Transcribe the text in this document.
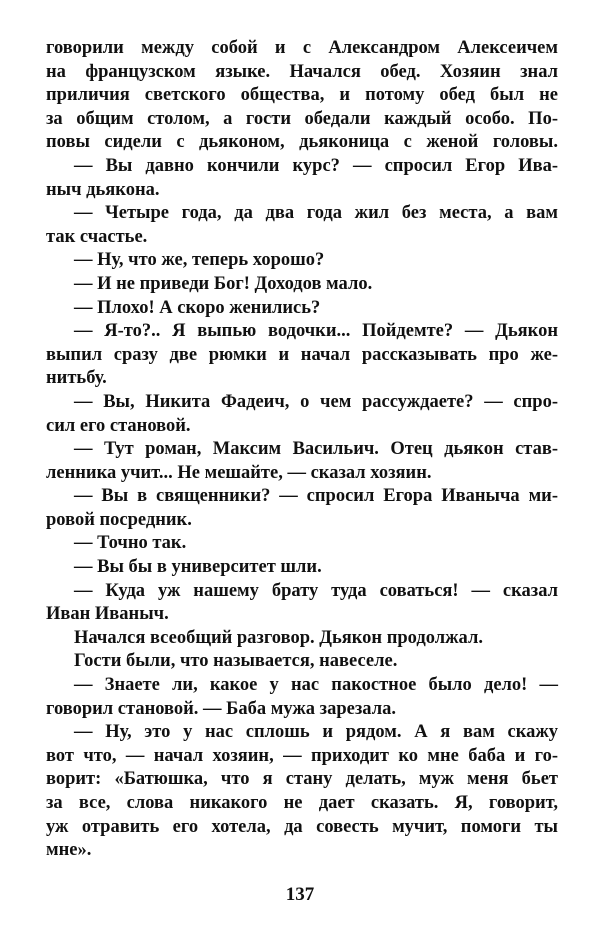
говорили между собой и с Александром Алексеичем
на французском языке. Начался обед. Хозяин знал
приличия светского общества, и потому обед был не
за общим столом, а гости обедали каждый особо. По-
повы сидели с дьяконом, дьяконица с женой головы.
— Вы давно кончили курс? — спросил Егор Ива-
ныч дьякона.
— Четыре года, да два года жил без места, а вам
так счастье.
— Ну, что же, теперь хорошо?
— И не приведи Бог! Доходов мало.
— Плохо! А скоро женились?
— Я-то?.. Я выпью водочки... Пойдемте? — Дьякон
выпил сразу две рюмки и начал рассказывать про же-
нитьбу.
— Вы, Никита Фадеич, о чем рассуждаете? — спро-
сил его становой.
— Тут роман, Максим Васильич. Отец дьякон став-
ленника учит... Не мешайте, — сказал хозяин.
— Вы в священники? — спросил Егора Иваныча ми-
ровой посредник.
— Точно так.
— Вы бы в университет шли.
— Куда уж нашему брату туда соваться! — сказал
Иван Иваныч.
Начался всеобщий разговор. Дьякон продолжал.
Гости были, что называется, навеселе.
— Знаете ли, какое у нас пакостное было дело! —
говорил становой. — Баба мужа зарезала.
— Ну, это у нас сплошь и рядом. А я вам скажу
вот что, — начал хозяин, — приходит ко мне баба и го-
ворит: «Батюшка, что я стану делать, муж меня бьет
за все, слова никакого не дает сказать. Я, говорит,
уж отравить его хотела, да совесть мучит, помоги ты
мне».
137
